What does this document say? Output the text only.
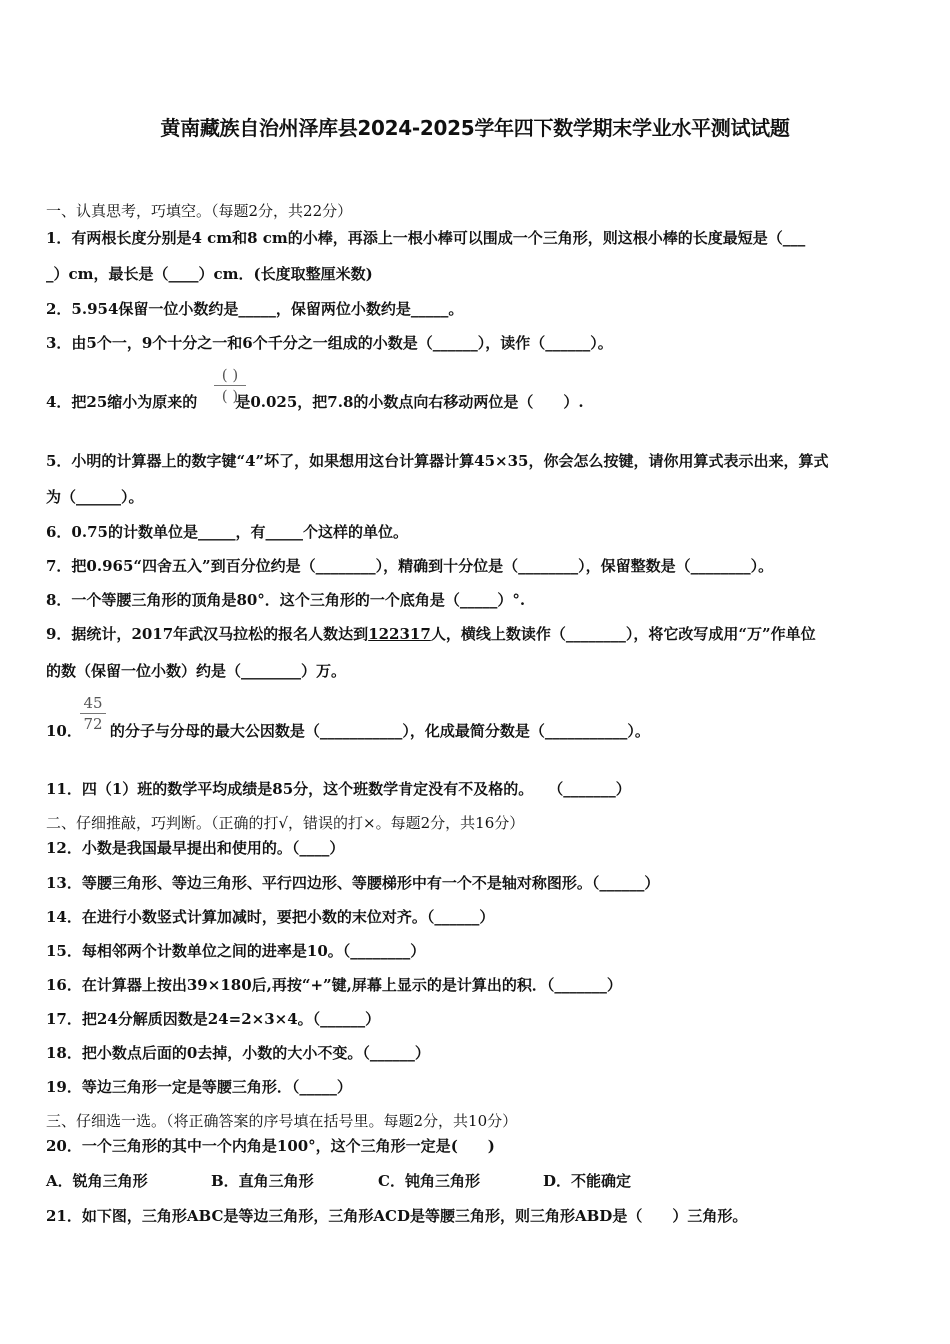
黄南藏族自治州泽库县2024-2025学年四下数学期末学业水平测试试题
一、认真思考，巧填空。（每题2分，共22分）
1．有两根长度分别是4 cm和8 cm的小棒，再添上一根小棒可以围成一个三角形，则这根小棒的长度最短是（___
_）cm，最长是（____）cm．(长度取整厘米数)
2．5.954保留一位小数约是_____，保留两位小数约是_____。
3．由5个一，9个十分之一和6个千分之一组成的小数是（______），读作（______）。
4．把25缩小为原来的	是0.025，把7.8的小数点向右移动两位是（　　）.
( )
( )
5．小明的计算器上的数字键“4”坏了，如果想用这台计算器计算45×35，你会怎么按键，请你用算式表示出来，算式
为（______）。
6．0.75的计数单位是_____，有_____个这样的单位。
7．把0.965“四舍五入”到百分位约是（________），精确到十分位是（________），保留整数是（________）。
8．一个等腰三角形的顶角是80°．这个三角形的一个底角是（_____）°.
9．据统计，2017年武汉马拉松的报名人数达到122317人，横线上数读作（________），将它改写成用“万”作单位
的数（保留一位小数）约是（________）万。
10． 的分子与分母的最大公因数是（___________），化成最简分数是（___________）。
45
72
11．四（1）班的数学平均成绩是85分，这个班数学肯定没有不及格的。　　（_______）
二、仔细推敲，巧判断。（正确的打√，错误的打×。每题2分，共16分）
12．小数是我国最早提出和使用的。（____）
13．等腰三角形、等边三角形、平行四边形、等腰梯形中有一个不是轴对称图形。（______）
14．在进行小数竖式计算加减时，要把小数的末位对齐。（______）
15．每相邻两个计数单位之间的进率是10。（________）
16．在计算器上按出39×180后,再按“+”键,屏幕上显示的是计算出的积．（_______）
17．把24分解质因数是24=2×3×4。（______）
18．把小数点后面的0去掉，小数的大小不变。（______）
19．等边三角形一定是等腰三角形．（_____）
三、仔细选一选。（将正确答案的序号填在括号里。每题2分，共10分）
20．一个三角形的其中一个内角是100°，这个三角形一定是(　　)
A．锐角三角形	B．直角三角形	C．钝角三角形	D．不能确定
21．如下图，三角形ABC是等边三角形，三角形ACD是等腰三角形，则三角形ABD是（　　）三角形。
